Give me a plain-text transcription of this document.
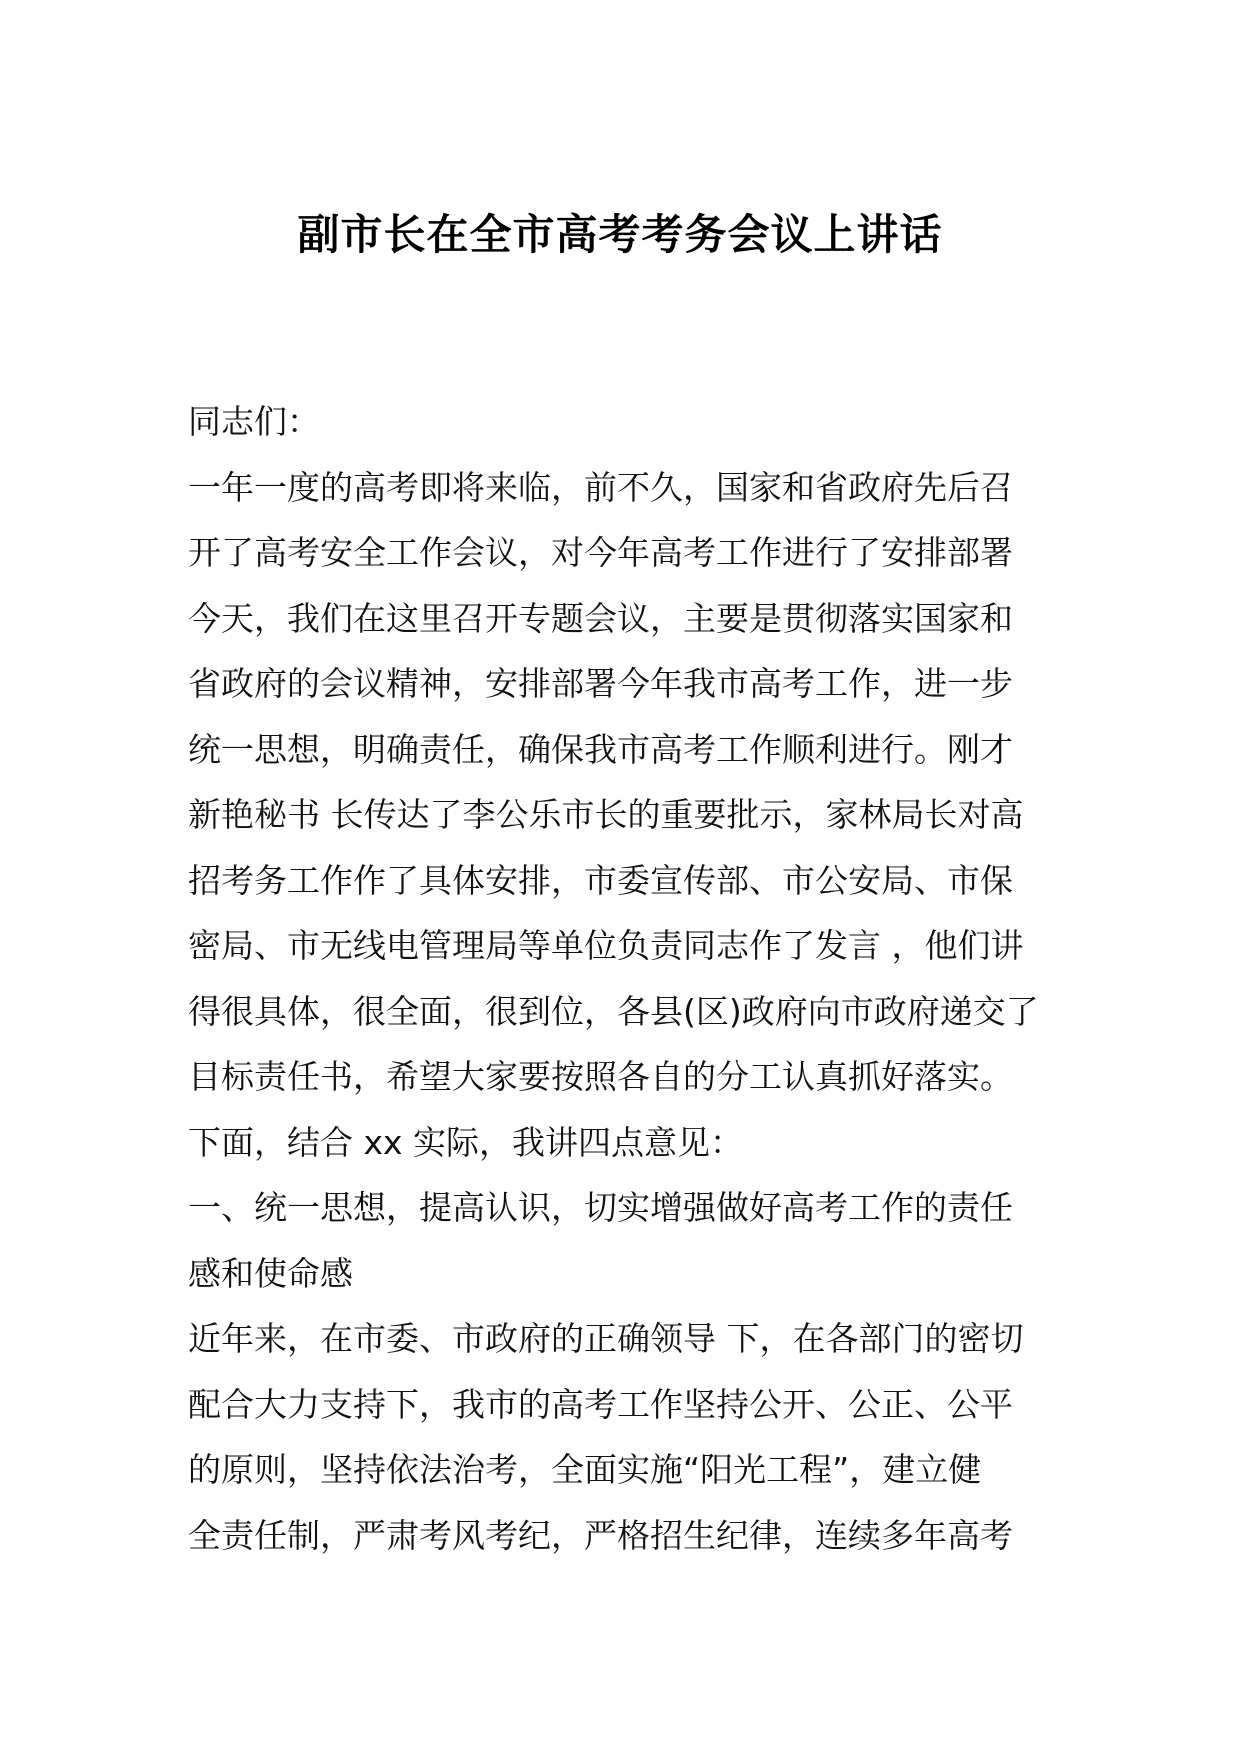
副市长在全市高考考务会议上讲话
同志们：
一年一度的高考即将来临，前不久，国家和省政府先后召
开了高考安全工作会议，对今年高考工作进行了安排部署
今天，我们在这里召开专题会议，主要是贯彻落实国家和
省政府的会议精神，安排部署今年我市高考工作，进一步
统一思想，明确责任，确保我市高考工作顺利进行。刚才
新艳秘书 长传达了李公乐市长的重要批示，家林局长对高
招考务工作作了具体安排，市委宣传部、市公安局、市保
密局、市无线电管理局等单位负责同志作了发言 ，他们讲
得很具体，很全面，很到位，各县(区)政府向市政府递交了
目标责任书，希望大家要按照各自的分工认真抓好落实。
下面，结合 xx 实际，我讲四点意见：
一、统一思想，提高认识，切实增强做好高考工作的责任
感和使命感
近年来，在市委、市政府的正确领导 下，在各部门的密切
配合大力支持下，我市的高考工作坚持公开、公正、公平
的原则，坚持依法治考，全面实施“阳光工程”，建立健
全责任制，严肃考风考纪，严格招生纪律，连续多年高考
